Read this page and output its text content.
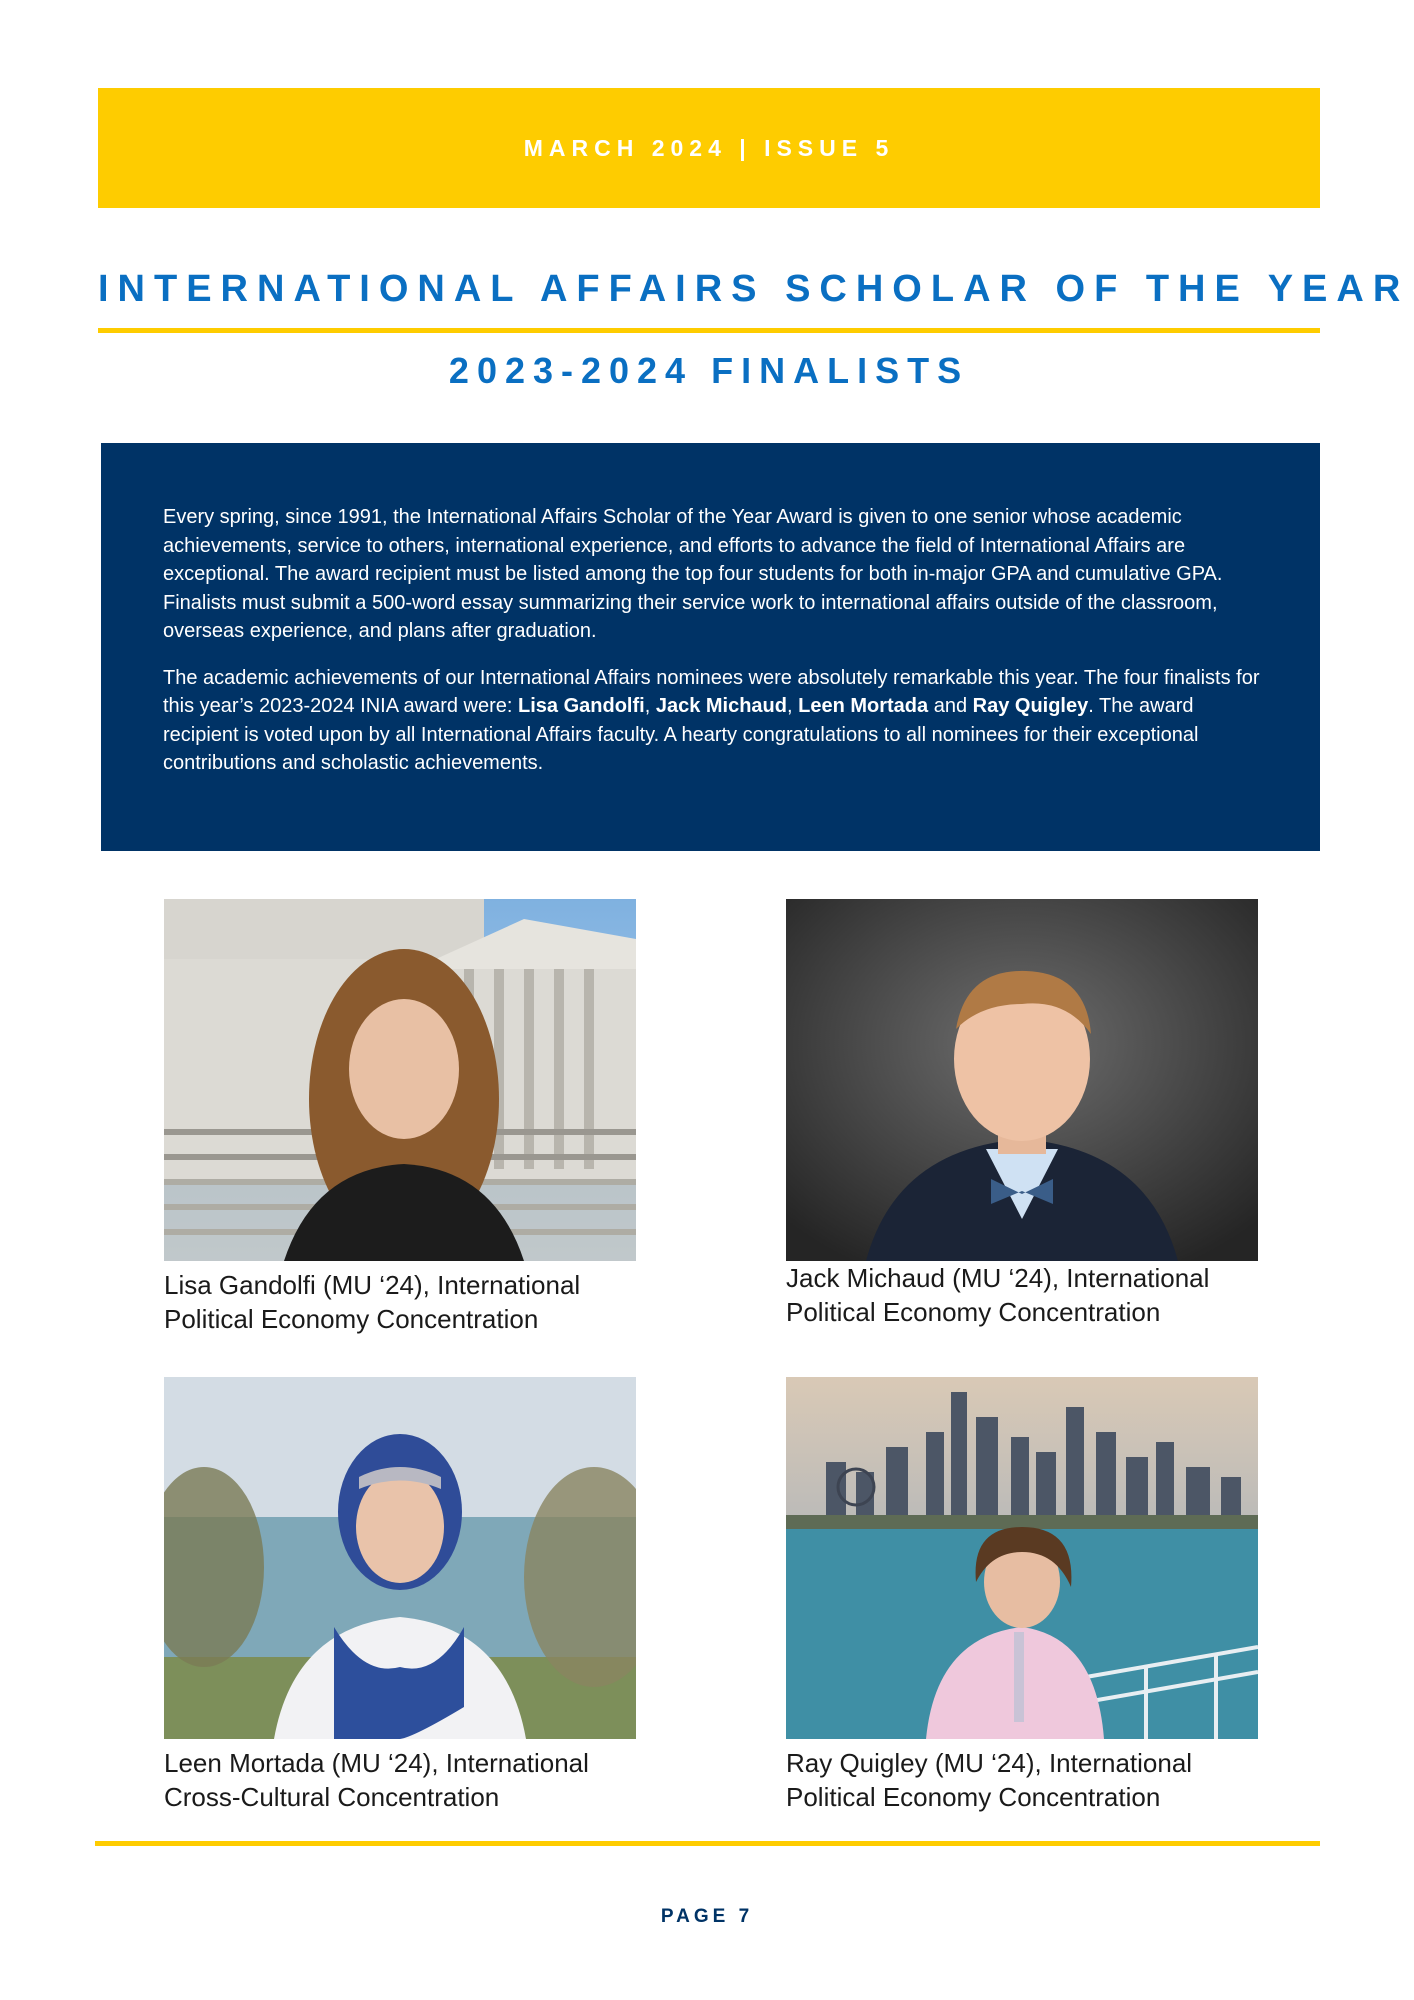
MARCH 2024 | ISSUE 5
INTERNATIONAL AFFAIRS SCHOLAR OF THE YEAR
2023-2024 FINALISTS

Every spring, since 1991, the International Affairs Scholar of the Year Award is given to one senior whose academic achievements, service to others, international experience, and efforts to advance the field of International Affairs are exceptional. The award recipient must be listed among the top four students for both in-major GPA and cumulative GPA. Finalists must submit a 500-word essay summarizing their service work to international affairs outside of the classroom, overseas experience, and plans after graduation.

The academic achievements of our International Affairs nominees were absolutely remarkable this year. The four finalists for this year’s 2023-2024 INIA award were: Lisa Gandolfi, Jack Michaud, Leen Mortada and Ray Quigley. The award recipient is voted upon by all International Affairs faculty. A hearty congratulations to all nominees for their exceptional contributions and scholastic achievements.

Lisa Gandolfi (MU ‘24), International
Political Economy Concentration
Jack Michaud (MU ‘24), International
Political Economy Concentration
Leen Mortada (MU ‘24), International
Cross-Cultural Concentration
Ray Quigley (MU ‘24), International
Political Economy Concentration
PAGE 7
